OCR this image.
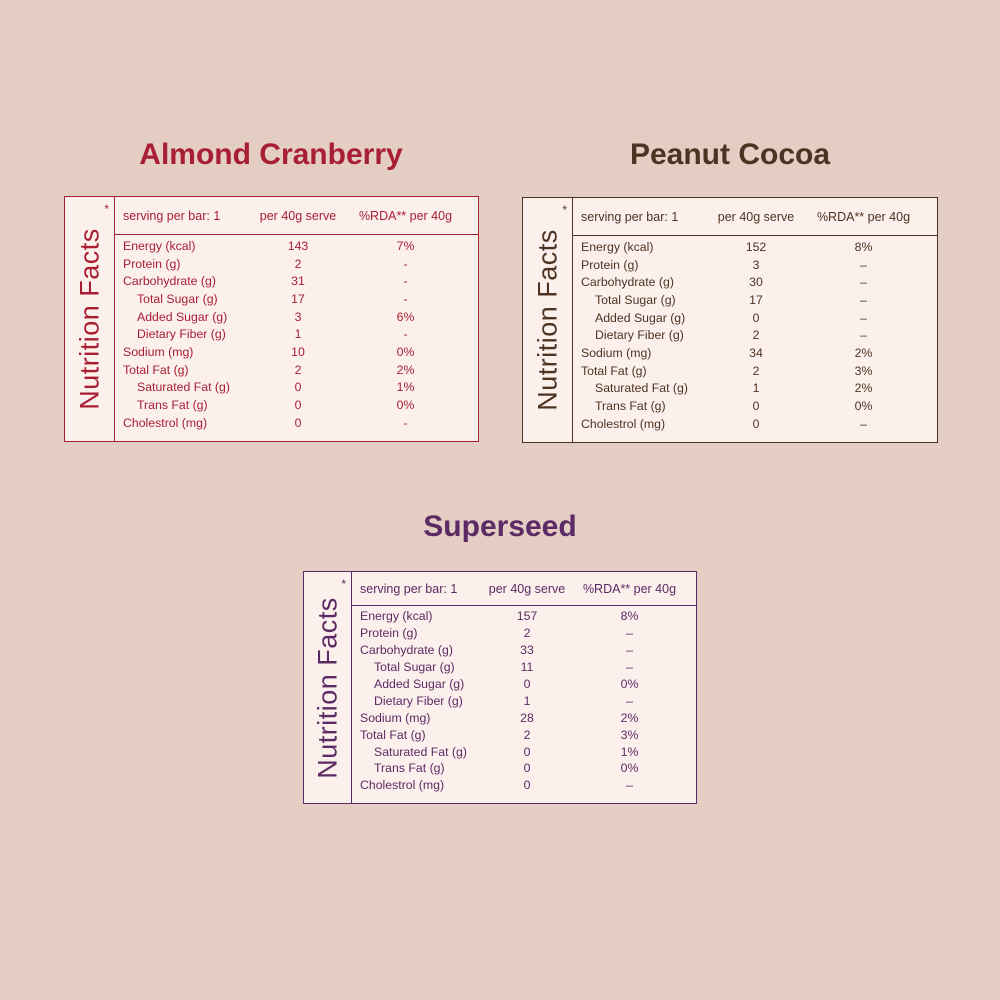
Almond Cranberry
Nutrition Facts
*	serving per bar: 1	per 40g serve	%RDA** per 40g
Energy (kcal)	143	7%
Protein (g)	2	-
Carbohydrate (g)	31	-
Total Sugar (g)	17	-
Added Sugar (g)	3	6%
Dietary Fiber (g)	1	-
Sodium (mg)	10	0%
Total Fat (g)	2	2%
Saturated Fat (g)	0	1%
Trans Fat (g)	0	0%
Cholestrol (mg)	0	-
Peanut Cocoa
Nutrition Facts
*	serving per bar: 1	per 40g serve	%RDA** per 40g
Energy (kcal)	152	8%
Protein (g)	3	–
Carbohydrate (g)	30	–
Total Sugar (g)	17	–
Added Sugar (g)	0	–
Dietary Fiber (g)	2	–
Sodium (mg)	34	2%
Total Fat (g)	2	3%
Saturated Fat (g)	1	2%
Trans Fat (g)	0	0%
Cholestrol (mg)	0	–
Superseed
Nutrition Facts
*	serving per bar: 1	per 40g serve	%RDA** per 40g
Energy (kcal)	157	8%
Protein (g)	2	–
Carbohydrate (g)	33	–
Total Sugar (g)	11	–
Added Sugar (g)	0	0%
Dietary Fiber (g)	1	–
Sodium (mg)	28	2%
Total Fat (g)	2	3%
Saturated Fat (g)	0	1%
Trans Fat (g)	0	0%
Cholestrol (mg)	0	–
